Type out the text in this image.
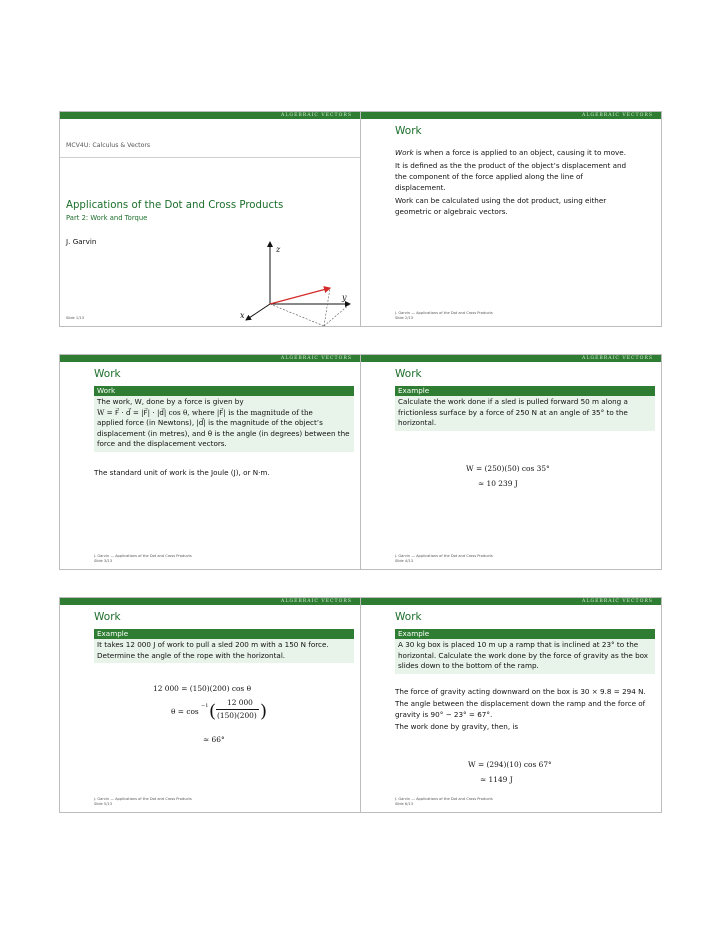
ALGEBRAIC VECTORS
MCV4U: Calculus & Vectors
Applications of the Dot and Cross Products
Part 2: Work and Torque
J. Garvin
z
y
x
Slide 1/13
ALGEBRAIC VECTORS
Work

Work is when a force is applied to an object, causing it to move.

It is defined as the the product of the object’s displacement and the component of the force applied along the line of displacement.

Work can be calculated using the dot product, using either geometric or algebraic vectors.

J. Garvin — Applications of the Dot and Cross Products
Slide 2/13
ALGEBRAIC VECTORS
Work
Work
The work, W, done by a force is given by
W = F⃗ · d⃗ = |F⃗| · |d⃗| cos θ, where |F⃗| is the magnitude of the
applied force (in Newtons), |d⃗| is the magnitude of the object’s displacement (in metres), and θ is the angle (in degrees) between the force and the displacement vectors.
The standard unit of work is the Joule (J), or N·m.
J. Garvin — Applications of the Dot and Cross Products
Slide 3/13
ALGEBRAIC VECTORS
Work
Example
Calculate the work done if a sled is pulled forward 50 m along a frictionless surface by a force of 250 N at an angle of 35° to the horizontal.
W = (250)(50) cos 35°
≈ 10 239 J
J. Garvin — Applications of the Dot and Cross Products
Slide 4/13
ALGEBRAIC VECTORS
Work
Example
It takes 12 000 J of work to pull a sled 200 m with a 150 N force. Determine the angle of the rope with the horizontal.
12 000 = (150)(200) cos θ
θ = cos
−1 ( 12 000
(150)(200) )
≈ 66°
J. Garvin — Applications of the Dot and Cross Products
Slide 5/13
ALGEBRAIC VECTORS
Work
Example
A 30 kg box is placed 10 m up a ramp that is inclined at 23° to the horizontal. Calculate the work done by the force of gravity as the box slides down to the bottom of the ramp.

The force of gravity acting downward on the box is 30 × 9.8 = 294 N.

The angle between the displacement down the ramp and the force of gravity is 90° − 23° = 67°.

The work done by gravity, then, is

W = (294)(10) cos 67°
≈ 1149 J
J. Garvin — Applications of the Dot and Cross Products
Slide 6/13
